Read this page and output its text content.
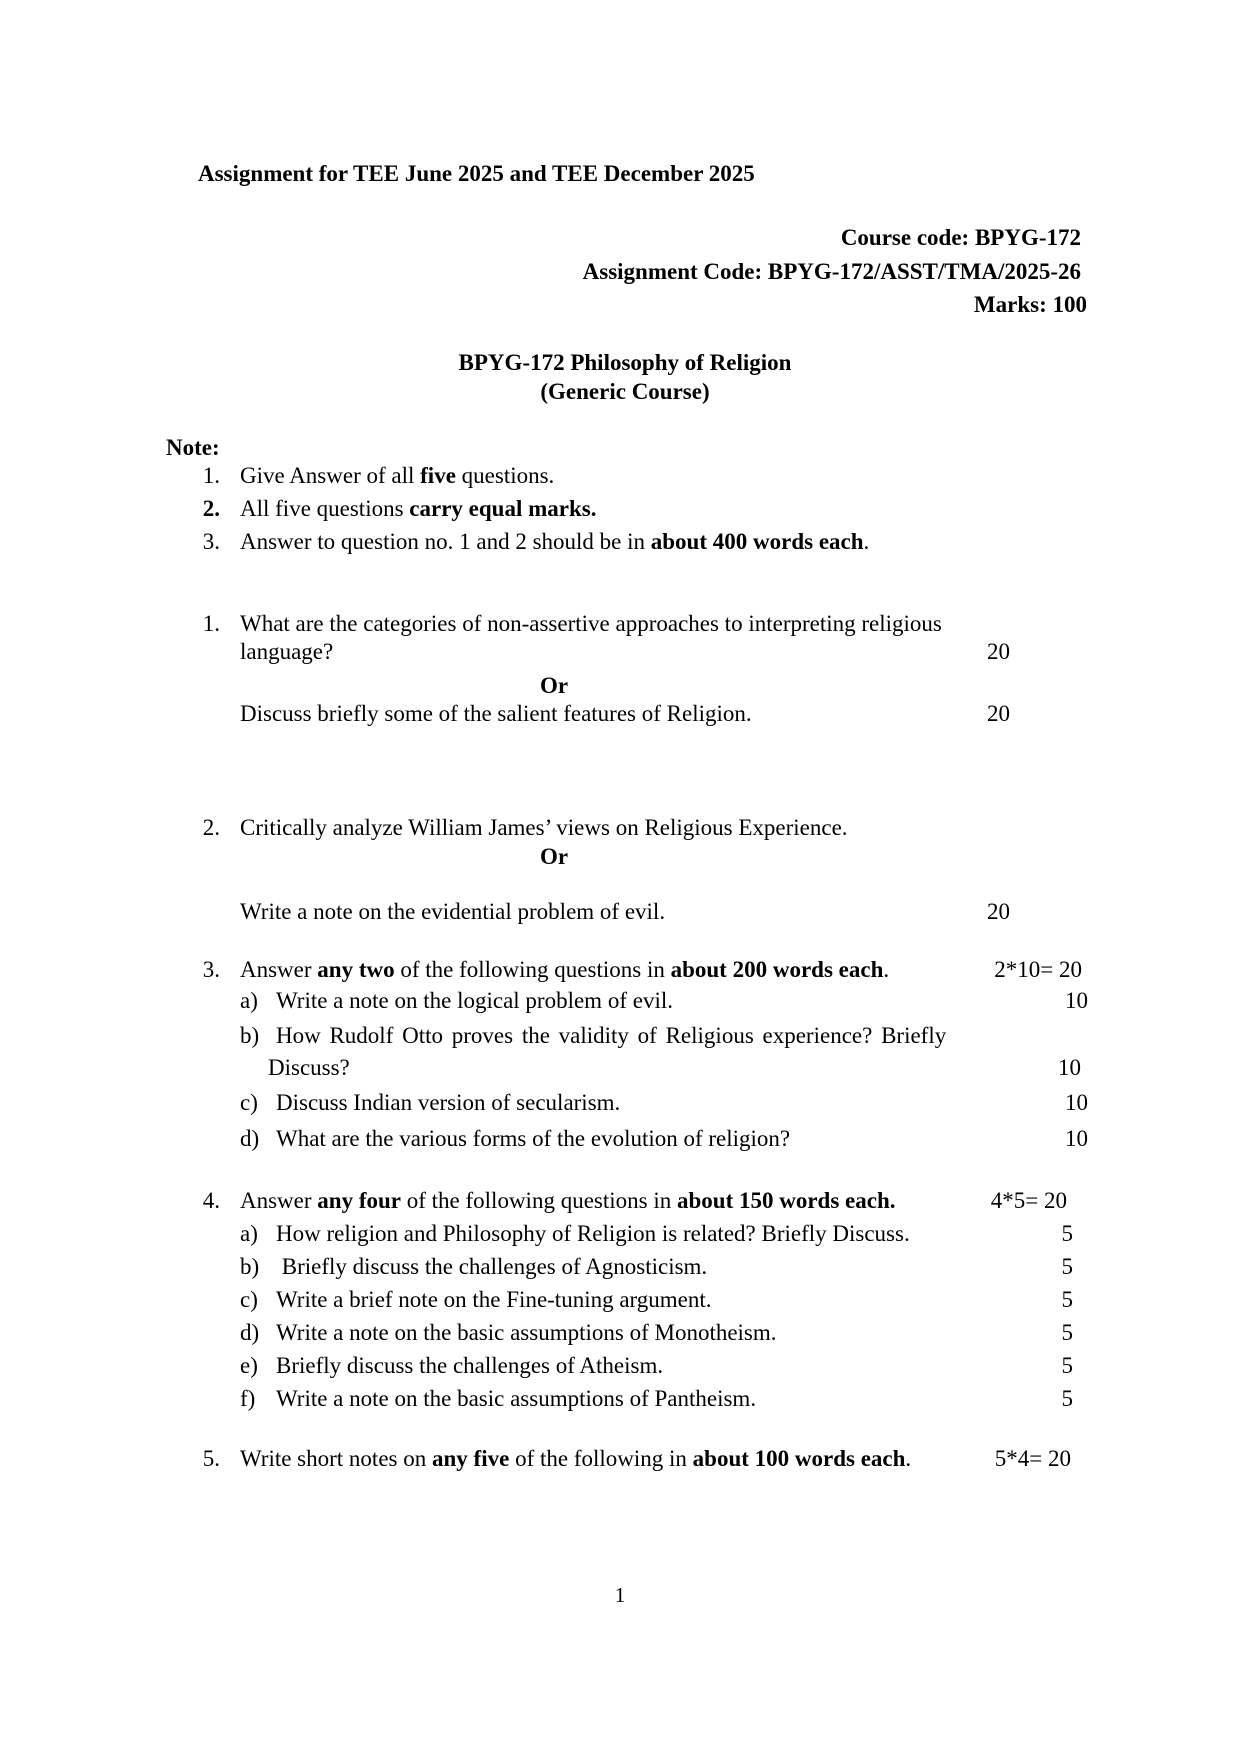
Assignment for TEE June 2025 and TEE December 2025
Course code: BPYG-172
Assignment Code: BPYG-172/ASST/TMA/2025-26
Marks: 100
BPYG-172 Philosophy of Religion
(Generic Course)
Note:
1. Give Answer of all five questions.
2. All five questions carry equal marks.
3. Answer to question no. 1 and 2 should be in about 400 words each.
1. What are the categories of non-assertive approaches to interpreting religious
language?	20
Or
Discuss briefly some of the salient features of Religion.	20
2. Critically analyze William James’ views on Religious Experience.
Or
Write a note on the evidential problem of evil.	20
3. Answer any two of the following questions in about 200 words each.	2*10= 20
a) Write a note on the logical problem of evil.	10
b) How Rudolf Otto proves the validity of Religious experience? Briefly
Discuss?	10
c) Discuss Indian version of secularism.	10
d) What are the various forms of the evolution of religion?	10
4. Answer any four of the following questions in about 150 words each.	4*5= 20
a) How religion and Philosophy of Religion is related? Briefly Discuss.	5
b) Briefly discuss the challenges of Agnosticism.	5
c) Write a brief note on the Fine-tuning argument.	5
d) Write a note on the basic assumptions of Monotheism.	5
e) Briefly discuss the challenges of Atheism.	5
f) Write a note on the basic assumptions of Pantheism.	5
5. Write short notes on any five of the following in about 100 words each.	5*4= 20
1
